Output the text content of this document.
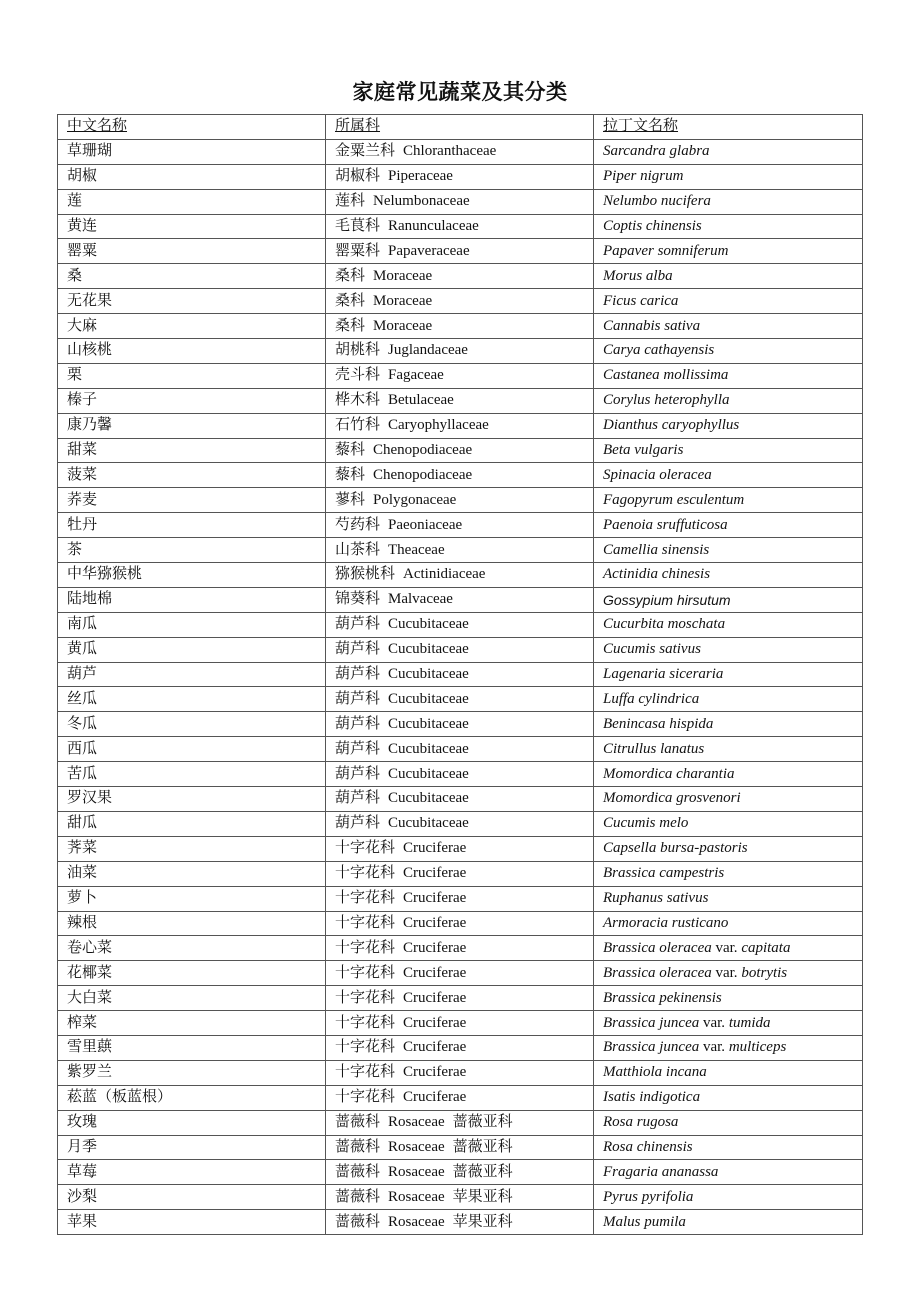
家庭常见蔬菜及其分类
中文名称	所属科	拉丁文名称
草珊瑚	金粟兰科 Chloranthaceae	Sarcandra glabra
胡椒	胡椒科 Piperaceae	Piper nigrum
莲	莲科 Nelumbonaceae	Nelumbo nucifera
黄连	毛茛科 Ranunculaceae	Coptis chinensis
罂粟	罂粟科 Papaveraceae	Papaver somniferum
桑	桑科 Moraceae	Morus alba
无花果	桑科 Moraceae	Ficus carica
大麻	桑科 Moraceae	Cannabis sativa
山核桃	胡桃科 Juglandaceae	Carya cathayensis
栗	壳斗科 Fagaceae	Castanea mollissima
榛子	桦木科 Betulaceae	Corylus heterophylla
康乃馨	石竹科 Caryophyllaceae	Dianthus caryophyllus
甜菜	藜科 Chenopodiaceae	Beta vulgaris
菠菜	藜科 Chenopodiaceae	Spinacia oleracea
荞麦	蓼科 Polygonaceae	Fagopyrum esculentum
牡丹	芍药科 Paeoniaceae	Paenoia sruffuticosa
茶	山茶科 Theaceae	Camellia sinensis
中华猕猴桃	猕猴桃科 Actinidiaceae	Actinidia chinesis
陆地棉	锦葵科 Malvaceae	Gossypium hirsutum
南瓜	葫芦科 Cucubitaceae	Cucurbita moschata
黄瓜	葫芦科 Cucubitaceae	Cucumis sativus
葫芦	葫芦科 Cucubitaceae	Lagenaria siceraria
丝瓜	葫芦科 Cucubitaceae	Luffa cylindrica
冬瓜	葫芦科 Cucubitaceae	Benincasa hispida
西瓜	葫芦科 Cucubitaceae	Citrullus lanatus
苦瓜	葫芦科 Cucubitaceae	Momordica charantia
罗汉果	葫芦科 Cucubitaceae	Momordica grosvenori
甜瓜	葫芦科 Cucubitaceae	Cucumis melo
荠菜	十字花科 Cruciferae	Capsella bursa-pastoris
油菜	十字花科 Cruciferae	Brassica campestris
萝卜	十字花科 Cruciferae	Ruphanus sativus
辣根	十字花科 Cruciferae	Armoracia rusticano
卷心菜	十字花科 Cruciferae	Brassica oleracea var. capitata
花椰菜	十字花科 Cruciferae	Brassica oleracea var. botrytis
大白菜	十字花科 Cruciferae	Brassica pekinensis
榨菜	十字花科 Cruciferae	Brassica juncea var. tumida
雪里蕻	十字花科 Cruciferae	Brassica juncea var. multiceps
紫罗兰	十字花科 Cruciferae	Matthiola incana
菘蓝（板蓝根）	十字花科 Cruciferae	Isatis indigotica
玫瑰	蔷薇科 Rosaceae 蔷薇亚科	Rosa rugosa
月季	蔷薇科 Rosaceae 蔷薇亚科	Rosa chinensis
草莓	蔷薇科 Rosaceae 蔷薇亚科	Fragaria ananassa
沙梨	蔷薇科 Rosaceae 苹果亚科	Pyrus pyrifolia
苹果	蔷薇科 Rosaceae 苹果亚科	Malus pumila
